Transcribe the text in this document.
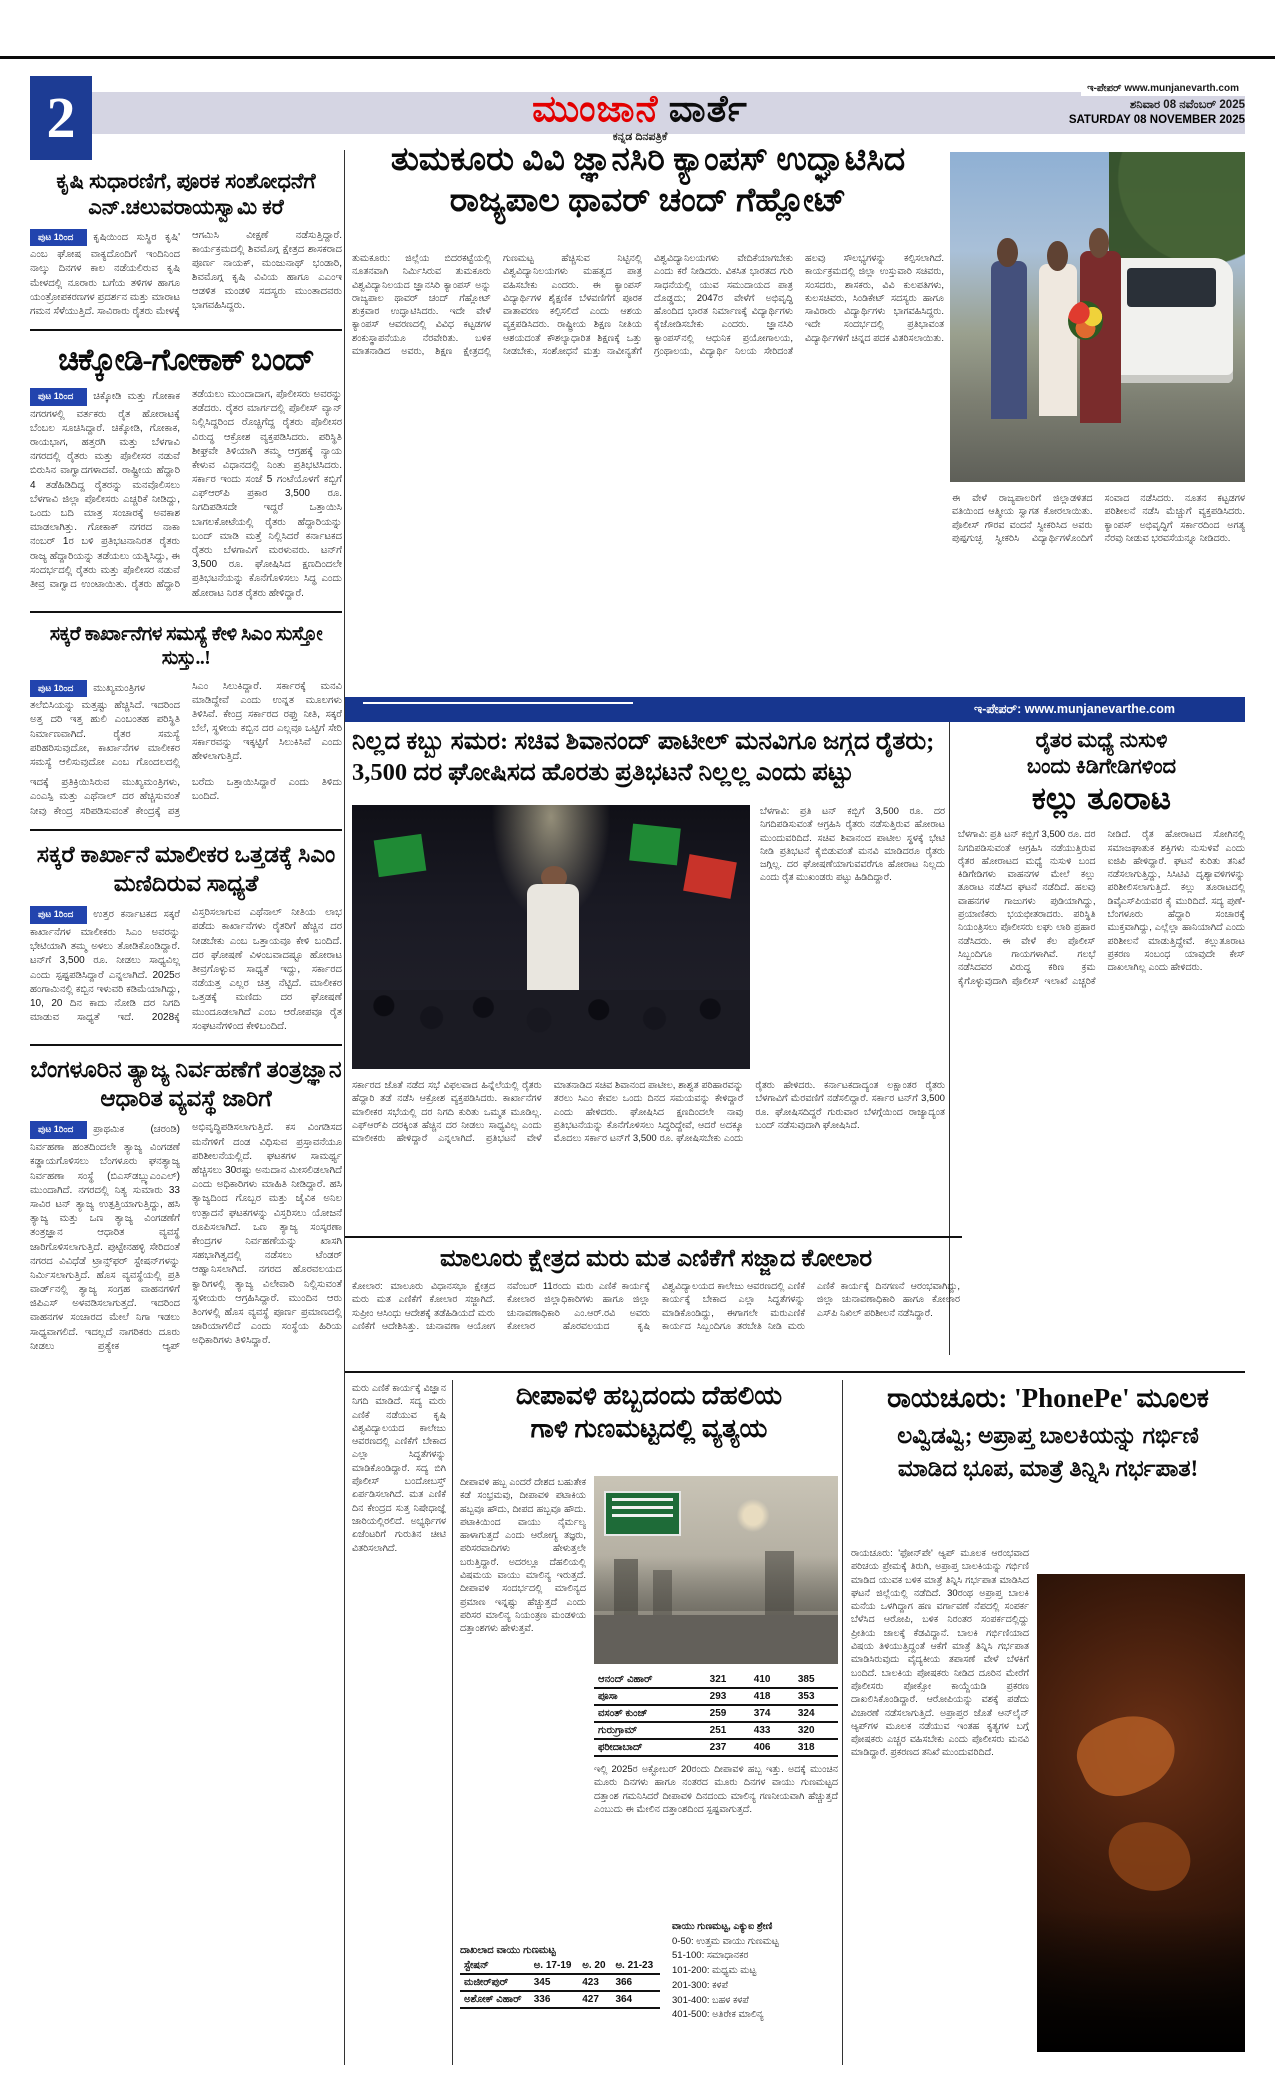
2	ಮುಂಜಾನೆ ವಾರ್ತೆ
ಕನ್ನಡ ದಿನಪತ್ರಿಕೆ
ಇ-ಪೇಪರ್ www.munjanevarth.com
ಶನಿವಾರ 08 ನವೆಂಬರ್ 2025
SATURDAY 08 NOVEMBER 2025
ಕೃಷಿ ಸುಧಾರಣಿಗೆ, ಪೂರಕ ಸಂಶೋಧನೆಗೆ ಎನ್.ಚಲುವರಾಯಸ್ವಾಮಿ ಕರೆ
ಪುಟ 1ರಿಂದ ಕೃಷಿಯಿಂದ ಸುಸ್ಥಿರ ಕೃಷಿ' ಎಂಬ ಘೋಷ ವಾಕ್ಯದೊಂದಿಗೆ ಇಂದಿನಿಂದ ನಾಲ್ಕು ದಿನಗಳ ಕಾಲ ನಡೆಯಲಿರುವ ಕೃಷಿ ಮೇಳದಲ್ಲಿ ನೂರಾರು ಬಗೆಯ ತಳಿಗಳ ಹಾಗೂ ಯಂತ್ರೋಪಕರಣಗಳ ಪ್ರದರ್ಶನ ಮತ್ತು ಮಾರಾಟ ಗಮನ ಸೆಳೆಯುತ್ತಿದೆ. ಸಾವಿರಾರು ರೈತರು ಮೇಳಕ್ಕೆ ಆಗಮಿಸಿ ವೀಕ್ಷಣೆ ನಡೆಸುತ್ತಿದ್ದಾರೆ. ಕಾರ್ಯಕ್ರಮದಲ್ಲಿ ಶಿವಮೊಗ್ಗ ಕ್ಷೇತ್ರದ ಶಾಸಕರಾದ ಪೂರ್ಣ ನಾಯಕ್, ಮಂಜುನಾಥ್ ಭಂಡಾರಿ, ಶಿವಮೊಗ್ಗ ಕೃಷಿ ವಿವಿಯ ಹಾಗೂ ಎಎಂಇ ಆಡಳಿತ ಮಂಡಳಿ ಸದಸ್ಯರು ಮುಂತಾದವರು ಭಾಗವಹಿಸಿದ್ದರು.
ಚಿಕ್ಕೋಡಿ-ಗೋಕಾಕ್ ಬಂದ್
ಪುಟ 1ರಿಂದ ಚಿಕ್ಕೋಡಿ ಮತ್ತು ಗೋಕಾಕ ನಗರಗಳಲ್ಲಿ ವರ್ತಕರು ರೈತ ಹೋರಾಟಕ್ಕೆ ಬೆಂಬಲ ಸೂಚಿಸಿದ್ದಾರೆ. ಚಿಕ್ಕೋಡಿ, ಗೋಕಾಕ, ರಾಯಭಾಗ, ಹತ್ತರಗಿ ಮತ್ತು ಬೆಳಗಾವಿ ನಗರದಲ್ಲಿ ರೈತರು ಮತ್ತು ಪೊಲೀಸರ ನಡುವೆ ಬಿರುಸಿನ ವಾಗ್ವಾದಗಳಾದವೆ. ರಾಷ್ಟ್ರೀಯ ಹೆದ್ದಾರಿ 4 ತಡೆಹಿಡಿದಿದ್ದ ರೈತರನ್ನು ಮನವೊಲಿಸಲು ಬೆಳಗಾವಿ ಜಿಲ್ಲಾ ಪೊಲೀಸರು ಎಚ್ಚರಿಕೆ ನೀಡಿದ್ದು, ಒಂದು ಬದಿ ಮಾತ್ರ ಸಂಚಾರಕ್ಕೆ ಅವಕಾಶ ಮಾಡಲಾಗಿತ್ತು. ಗೋಕಾಕ್ ನಗರದ ನಾಕಾ ನಂಬರ್ 1ರ ಬಳಿ ಪ್ರತಿಭಟನಾನಿರತ ರೈತರು ರಾಜ್ಯ ಹೆದ್ದಾರಿಯನ್ನು ತಡೆಯಲು ಯತ್ನಿಸಿದ್ದು, ಈ ಸಂದರ್ಭದಲ್ಲಿ ರೈತರು ಮತ್ತು ಪೊಲೀಸರ ನಡುವೆ ತೀವ್ರ ವಾಗ್ವಾದ ಉಂಟಾಯಿತು. ರೈತರು ಹೆದ್ದಾರಿ ತಡೆಯಲು ಮುಂದಾದಾಗ, ಪೊಲೀಸರು ಅವರನ್ನು ತಡೆದರು. ರೈತರ ಮಾರ್ಗದಲ್ಲಿ ಪೊಲೀಸ್ ವ್ಯಾನ್ ನಿಲ್ಲಿಸಿದ್ದರಿಂದ ರೊಚ್ಚಿಗೆದ್ದ ರೈತರು ಪೊಲೀಸರ ವಿರುದ್ಧ ಆಕ್ರೋಶ ವ್ಯಕ್ತಪಡಿಸಿದರು. ಪರಿಸ್ಥಿತಿ ಶೀಘ್ರವೇ ತಿಳಿಯಾಗಿ ತಮ್ಮ ಆಗ್ರಹಕ್ಕೆ ನ್ಯಾಯ ಕೇಳುವ ವಿಧಾನದಲ್ಲಿ ನಿಂತು ಪ್ರತಿಭಟಿಸಿದರು. ಸರ್ಕಾರ ಇಂದು ಸಂಜೆ 5 ಗಂಟೆಯೊಳಗೆ ಕಬ್ಬಿಗೆ ಎಫ್‌ಆರ್‌ಪಿ ಪ್ರಕಾರ 3,500 ರೂ. ನಿಗದಿಪಡಿಸದೇ ಇದ್ದರೆ ಒತ್ತಾಯಿಸಿ ಬಾಗಲಕೋಟೆಯಲ್ಲಿ ರೈತರು ಹೆದ್ದಾರಿಯನ್ನು ಬಂದ್ ಮಾಡಿ ಮತ್ತೆ ನಿಲ್ಲಿಸಿದರೆ ಕರ್ನಾಟಕದ ರೈತರು ಬೆಳಗಾವಿಗೆ ಮರಳುವರು. ಟನ್‌ಗೆ 3,500 ರೂ. ಘೋಷಿಸಿದ ಕ್ಷಣದಿಂದಲೇ ಪ್ರತಿಭಟನೆಯನ್ನು ಕೊನೆಗೊಳಿಸಲು ಸಿದ್ಧ ಎಂದು ಹೋರಾಟ ನಿರತ ರೈತರು ಹೇಳಿದ್ದಾರೆ.
ಸಕ್ಕರೆ ಕಾರ್ಖಾನೆಗಳ ಸಮಸ್ಯೆ ಕೇಳಿ ಸಿಎಂ ಸುಸ್ತೋ ಸುಸ್ತು..!
ಪುಟ 1ರಿಂದ ಮುಖ್ಯಮಂತ್ರಿಗಳ ತಲೆಬಿಸಿಯನ್ನು ಮತ್ತಷ್ಟು ಹೆಚ್ಚಿಸಿದೆ. ಇದರಿಂದ ಅತ್ತ ದರಿ ಇತ್ತ ಹುಲಿ ಎಂಬಂತಹ ಪರಿಸ್ಥಿತಿ ನಿರ್ಮಾಣವಾಗಿದೆ. ರೈತರ ಸಮಸ್ಯೆ ಪರಿಹರಿಸುವುದೋ, ಕಾರ್ಖಾನೆಗಳ ಮಾಲೀಕರ ಸಮಸ್ಯೆ ಆಲಿಸುವುದೋ ಎಂಬ ಗೊಂದಲದಲ್ಲಿ ಸಿಎಂ ಸಿಲುಕಿದ್ದಾರೆ. ಸರ್ಕಾರಕ್ಕೆ ಮನವಿ ಮಾಡಿದ್ದೇವೆ ಎಂದು ಉನ್ನತ ಮೂಲಗಳು ತಿಳಿಸಿವೆ. ಕೇಂದ್ರ ಸರ್ಕಾರದ ರಫ್ತು ನೀತಿ, ಸಕ್ಕರೆ ಬೆಲೆ, ಸ್ಥಳೀಯ ಕಬ್ಬಿನ ದರ ಎಲ್ಲವೂ ಒಟ್ಟಿಗೆ ಸೇರಿ ಸರ್ಕಾರವನ್ನು ಇಕ್ಕಟ್ಟಿಗೆ ಸಿಲುಕಿಸಿವೆ ಎಂದು ಹೇಳಲಾಗುತ್ತಿದೆ.
ಇದಕ್ಕೆ ಪ್ರತಿಕ್ರಿಯಿಸಿರುವ ಮುಖ್ಯಮಂತ್ರಿಗಳು, ಎಂಎಸ್ಪಿ ಮತ್ತು ಎಥೆನಾಲ್ ದರ ಹೆಚ್ಚಿಸುವಂತೆ ನೀವು ಕೇಂದ್ರ ಸರಿಪಡಿಸುವಂತೆ ಕೇಂದ್ರಕ್ಕೆ ಪತ್ರ ಬರೆದು ಒತ್ತಾಯಿಸಿದ್ದಾರೆ ಎಂದು ತಿಳಿದು ಬಂದಿದೆ.
ಸಕ್ಕರೆ ಕಾರ್ಖಾನೆ ಮಾಲೀಕರ ಒತ್ತಡಕ್ಕೆ ಸಿಎಂ ಮಣಿದಿರುವ ಸಾಧ್ಯತೆ
ಪುಟ 1ರಿಂದ ಉತ್ತರ ಕರ್ನಾಟಕದ ಸಕ್ಕರೆ ಕಾರ್ಖಾನೆಗಳ ಮಾಲೀಕರು ಸಿಎಂ ಅವರನ್ನು ಭೇಟಿಯಾಗಿ ತಮ್ಮ ಅಳಲು ತೋಡಿಕೊಂಡಿದ್ದಾರೆ. ಟನ್‌ಗೆ 3,500 ರೂ. ನೀಡಲು ಸಾಧ್ಯವಿಲ್ಲ ಎಂದು ಸ್ಪಷ್ಟಪಡಿಸಿದ್ದಾರೆ ಎನ್ನಲಾಗಿದೆ. 2025ರ ಹಂಗಾಮಿನಲ್ಲಿ ಕಬ್ಬಿನ ಇಳುವರಿ ಕಡಿಮೆಯಾಗಿದ್ದು, 10, 20 ದಿನ ಕಾದು ನೋಡಿ ದರ ನಿಗದಿ ಮಾಡುವ ಸಾಧ್ಯತೆ ಇದೆ. 2028ಕ್ಕೆ ವಿಸ್ತರಿಸಲಾಗುವ ಎಥೆನಾಲ್ ನೀತಿಯ ಲಾಭ ಪಡೆದು ಕಾರ್ಖಾನೆಗಳು ರೈತರಿಗೆ ಹೆಚ್ಚಿನ ದರ ನೀಡಬೇಕು ಎಂಬ ಒತ್ತಾಯವೂ ಕೇಳಿ ಬಂದಿದೆ. ದರ ಘೋಷಣೆ ವಿಳಂಬವಾದಷ್ಟೂ ಹೋರಾಟ ತೀವ್ರಗೊಳ್ಳುವ ಸಾಧ್ಯತೆ ಇದ್ದು, ಸರ್ಕಾರದ ನಡೆಯತ್ತ ಎಲ್ಲರ ಚಿತ್ತ ನೆಟ್ಟಿದೆ. ಮಾಲೀಕರ ಒತ್ತಡಕ್ಕೆ ಮಣಿದು ದರ ಘೋಷಣೆ ಮುಂದೂಡಲಾಗಿದೆ ಎಂಬ ಆರೋಪವೂ ರೈತ ಸಂಘಟನೆಗಳಿಂದ ಕೇಳಿಬಂದಿದೆ.
ಬೆಂಗಳೂರಿನ ತ್ಯಾಜ್ಯ ನಿರ್ವಹಣೆಗೆ ತಂತ್ರಜ್ಞಾನ ಆಧಾರಿತ ವ್ಯವಸ್ಥೆ ಜಾರಿಗೆ
ಪುಟ 1ರಿಂದ ಪ್ರಾಥಮಿಕ (ಚರಂಡಿ) ನಿರ್ವಹಣಾ ಹಂತದಿಂದಲೇ ತ್ಯಾಜ್ಯ ವಿಂಗಡಣೆ ಕಡ್ಡಾಯಗೊಳಿಸಲು ಬೆಂಗಳೂರು ಘನತ್ಯಾಜ್ಯ ನಿರ್ವಹಣಾ ಸಂಸ್ಥೆ (ಬಿಎಸ್‌ಡಬ್ಲ್ಯುಎಂಎಲ್) ಮುಂದಾಗಿದೆ. ನಗರದಲ್ಲಿ ನಿತ್ಯ ಸುಮಾರು 33 ಸಾವಿರ ಟನ್ ತ್ಯಾಜ್ಯ ಉತ್ಪತ್ತಿಯಾಗುತ್ತಿದ್ದು, ಹಸಿ ತ್ಯಾಜ್ಯ ಮತ್ತು ಒಣ ತ್ಯಾಜ್ಯ ವಿಂಗಡಣೆಗೆ ತಂತ್ರಜ್ಞಾನ ಆಧಾರಿತ ವ್ಯವಸ್ಥೆ ಜಾರಿಗೊಳಿಸಲಾಗುತ್ತಿದೆ. ಪುಟ್ಟೇನಹಳ್ಳಿ ಸೇರಿದಂತೆ ನಗರದ ವಿವಿಧೆಡೆ ಟ್ರಾನ್ಸ್‌ಫರ್ ಸ್ಟೇಷನ್‌ಗಳನ್ನು ನಿರ್ಮಿಸಲಾಗುತ್ತಿದೆ. ಹೊಸ ವ್ಯವಸ್ಥೆಯಲ್ಲಿ ಪ್ರತಿ ವಾರ್ಡ್‌ನಲ್ಲಿ ತ್ಯಾಜ್ಯ ಸಂಗ್ರಹ ವಾಹನಗಳಿಗೆ ಜಿಪಿಎಸ್ ಅಳವಡಿಸಲಾಗುತ್ತದೆ. ಇದರಿಂದ ವಾಹನಗಳ ಸಂಚಾರದ ಮೇಲೆ ನಿಗಾ ಇಡಲು ಸಾಧ್ಯವಾಗಲಿದೆ. ಇದಲ್ಲದೆ ನಾಗರಿಕರು ದೂರು ನೀಡಲು ಪ್ರತ್ಯೇಕ ಆ್ಯಪ್ ಅಭಿವೃದ್ಧಿಪಡಿಸಲಾಗುತ್ತಿದೆ. ಕಸ ವಿಂಗಡಿಸದ ಮನೆಗಳಿಗೆ ದಂಡ ವಿಧಿಸುವ ಪ್ರಸ್ತಾವನೆಯೂ ಪರಿಶೀಲನೆಯಲ್ಲಿದೆ. ಘಟಕಗಳ ಸಾಮರ್ಥ್ಯ ಹೆಚ್ಚಿಸಲು 30ರಷ್ಟು ಅನುದಾನ ಮೀಸಲಿಡಲಾಗಿದೆ ಎಂದು ಅಧಿಕಾರಿಗಳು ಮಾಹಿತಿ ನೀಡಿದ್ದಾರೆ. ಹಸಿ ತ್ಯಾಜ್ಯದಿಂದ ಗೊಬ್ಬರ ಮತ್ತು ಜೈವಿಕ ಅನಿಲ ಉತ್ಪಾದನೆ ಘಟಕಗಳನ್ನು ವಿಸ್ತರಿಸಲು ಯೋಜನೆ ರೂಪಿಸಲಾಗಿದೆ. ಒಣ ತ್ಯಾಜ್ಯ ಸಂಸ್ಕರಣಾ ಕೇಂದ್ರಗಳ ನಿರ್ವಹಣೆಯನ್ನು ಖಾಸಗಿ ಸಹಭಾಗಿತ್ವದಲ್ಲಿ ನಡೆಸಲು ಟೆಂಡರ್ ಆಹ್ವಾನಿಸಲಾಗಿದೆ. ನಗರದ ಹೊರವಲಯದ ಕ್ವಾರಿಗಳಲ್ಲಿ ತ್ಯಾಜ್ಯ ವಿಲೇವಾರಿ ನಿಲ್ಲಿಸುವಂತೆ ಸ್ಥಳೀಯರು ಆಗ್ರಹಿಸಿದ್ದಾರೆ. ಮುಂದಿನ ಆರು ತಿಂಗಳಲ್ಲಿ ಹೊಸ ವ್ಯವಸ್ಥೆ ಪೂರ್ಣ ಪ್ರಮಾಣದಲ್ಲಿ ಜಾರಿಯಾಗಲಿದೆ ಎಂದು ಸಂಸ್ಥೆಯ ಹಿರಿಯ ಅಧಿಕಾರಿಗಳು ತಿಳಿಸಿದ್ದಾರೆ.
ತುಮಕೂರು ವಿವಿ ಜ್ಞಾನಸಿರಿ ಕ್ಯಾಂಪಸ್ ಉದ್ಘಾಟಿಸಿದ
ರಾಜ್ಯಪಾಲ ಥಾವರ್ ಚಂದ್ ಗೆಹ್ಲೋಟ್
ತುಮಕೂರು: ಜಿಲ್ಲೆಯ ಬಿದರಕಟ್ಟೆಯಲ್ಲಿ ನೂತನವಾಗಿ ನಿರ್ಮಿಸಿರುವ ತುಮಕೂರು ವಿಶ್ವವಿದ್ಯಾನಿಲಯದ ಜ್ಞಾನಸಿರಿ ಕ್ಯಾಂಪಸ್ ಅನ್ನು ರಾಜ್ಯಪಾಲ ಥಾವರ್ ಚಂದ್ ಗೆಹ್ಲೋಟ್ ಶುಕ್ರವಾರ ಉದ್ಘಾಟಿಸಿದರು. ಇದೇ ವೇಳೆ ಕ್ಯಾಂಪಸ್ ಆವರಣದಲ್ಲಿ ವಿವಿಧ ಕಟ್ಟಡಗಳ ಶಂಕುಸ್ಥಾಪನೆಯೂ ನೆರವೇರಿತು. ಬಳಿಕ ಮಾತನಾಡಿದ ಅವರು, ಶಿಕ್ಷಣ ಕ್ಷೇತ್ರದಲ್ಲಿ ಗುಣಮಟ್ಟ ಹೆಚ್ಚಿಸುವ ನಿಟ್ಟಿನಲ್ಲಿ ವಿಶ್ವವಿದ್ಯಾನಿಲಯಗಳು ಮಹತ್ವದ ಪಾತ್ರ ವಹಿಸಬೇಕು ಎಂದರು. ಈ ಕ್ಯಾಂಪಸ್ ವಿದ್ಯಾರ್ಥಿಗಳ ಶೈಕ್ಷಣಿಕ ಬೆಳವಣಿಗೆಗೆ ಪೂರಕ ವಾತಾವರಣ ಕಲ್ಪಿಸಲಿದೆ ಎಂದು ಆಶಯ ವ್ಯಕ್ತಪಡಿಸಿದರು. ರಾಷ್ಟ್ರೀಯ ಶಿಕ್ಷಣ ನೀತಿಯ ಆಶಯದಂತೆ ಕೌಶಲ್ಯಾಧಾರಿತ ಶಿಕ್ಷಣಕ್ಕೆ ಒತ್ತು ನೀಡಬೇಕು, ಸಂಶೋಧನೆ ಮತ್ತು ನಾವೀನ್ಯತೆಗೆ ವಿಶ್ವವಿದ್ಯಾನಿಲಯಗಳು ವೇದಿಕೆಯಾಗಬೇಕು ಎಂದು ಕರೆ ನೀಡಿದರು. ವಿಕಸಿತ ಭಾರತದ ಗುರಿ ಸಾಧನೆಯಲ್ಲಿ ಯುವ ಸಮುದಾಯದ ಪಾತ್ರ ದೊಡ್ಡದು; 2047ರ ವೇಳೆಗೆ ಅಭಿವೃದ್ಧಿ ಹೊಂದಿದ ಭಾರತ ನಿರ್ಮಾಣಕ್ಕೆ ವಿದ್ಯಾರ್ಥಿಗಳು ಕೈಜೋಡಿಸಬೇಕು ಎಂದರು. ಜ್ಞಾನಸಿರಿ ಕ್ಯಾಂಪಸ್‌ನಲ್ಲಿ ಆಧುನಿಕ ಪ್ರಯೋಗಾಲಯ, ಗ್ರಂಥಾಲಯ, ವಿದ್ಯಾರ್ಥಿ ನಿಲಯ ಸೇರಿದಂತೆ ಹಲವು ಸೌಲಭ್ಯಗಳನ್ನು ಕಲ್ಪಿಸಲಾಗಿದೆ. ಕಾರ್ಯಕ್ರಮದಲ್ಲಿ ಜಿಲ್ಲಾ ಉಸ್ತುವಾರಿ ಸಚಿವರು, ಸಂಸದರು, ಶಾಸಕರು, ವಿವಿ ಕುಲಪತಿಗಳು, ಕುಲಸಚಿವರು, ಸಿಂಡಿಕೇಟ್ ಸದಸ್ಯರು ಹಾಗೂ ಸಾವಿರಾರು ವಿದ್ಯಾರ್ಥಿಗಳು ಭಾಗವಹಿಸಿದ್ದರು. ಇದೇ ಸಂದರ್ಭದಲ್ಲಿ ಪ್ರತಿಭಾವಂತ ವಿದ್ಯಾರ್ಥಿಗಳಿಗೆ ಚಿನ್ನದ ಪದಕ ವಿತರಿಸಲಾಯಿತು.
ಈ ವೇಳೆ ರಾಜ್ಯಪಾಲರಿಗೆ ಜಿಲ್ಲಾಡಳಿತದ ವತಿಯಿಂದ ಆತ್ಮೀಯ ಸ್ವಾಗತ ಕೋರಲಾಯಿತು. ಪೊಲೀಸ್ ಗೌರವ ವಂದನೆ ಸ್ವೀಕರಿಸಿದ ಅವರು ಪುಷ್ಪಗುಚ್ಛ ಸ್ವೀಕರಿಸಿ ವಿದ್ಯಾರ್ಥಿಗಳೊಂದಿಗೆ ಸಂವಾದ ನಡೆಸಿದರು. ನೂತನ ಕಟ್ಟಡಗಳ ಪರಿಶೀಲನೆ ನಡೆಸಿ ಮೆಚ್ಚುಗೆ ವ್ಯಕ್ತಪಡಿಸಿದರು. ಕ್ಯಾಂಪಸ್ ಅಭಿವೃದ್ಧಿಗೆ ಸರ್ಕಾರದಿಂದ ಅಗತ್ಯ ನೆರವು ನೀಡುವ ಭರವಸೆಯನ್ನೂ ನೀಡಿದರು.
ಇ-ಪೇಪರ್: www.munjanevarthe.com
ನಿಲ್ಲದ ಕಬ್ಬು ಸಮರ: ಸಚಿವ ಶಿವಾನಂದ್ ಪಾಟೀಲ್ ಮನವಿಗೂ ಜಗ್ಗದ ರೈತರು;
3,500 ದರ ಘೋಷಿಸದ ಹೊರತು ಪ್ರತಿಭಟನೆ ನಿಲ್ಲಲ್ಲ ಎಂದು ಪಟ್ಟು
ಬೆಳಗಾವಿ: ಪ್ರತಿ ಟನ್ ಕಬ್ಬಿಗೆ 3,500 ರೂ. ದರ ನಿಗದಿಪಡಿಸುವಂತೆ ಆಗ್ರಹಿಸಿ ರೈತರು ನಡೆಸುತ್ತಿರುವ ಹೋರಾಟ ಮುಂದುವರಿದಿದೆ. ಸಚಿವ ಶಿವಾನಂದ ಪಾಟೀಲ ಸ್ಥಳಕ್ಕೆ ಭೇಟಿ ನೀಡಿ ಪ್ರತಿಭಟನೆ ಕೈಬಿಡುವಂತೆ ಮನವಿ ಮಾಡಿದರೂ ರೈತರು ಜಗ್ಗಿಲ್ಲ. ದರ ಘೋಷಣೆಯಾಗುವವರೆಗೂ ಹೋರಾಟ ನಿಲ್ಲದು ಎಂದು ರೈತ ಮುಖಂಡರು ಪಟ್ಟು ಹಿಡಿದಿದ್ದಾರೆ.
ಸರ್ಕಾರದ ಜೊತೆ ನಡೆದ ಸಭೆ ವಿಫಲವಾದ ಹಿನ್ನೆಲೆಯಲ್ಲಿ ರೈತರು ಹೆದ್ದಾರಿ ತಡೆ ನಡೆಸಿ ಆಕ್ರೋಶ ವ್ಯಕ್ತಪಡಿಸಿದರು. ಕಾರ್ಖಾನೆಗಳ ಮಾಲೀಕರ ಸಭೆಯಲ್ಲಿ ದರ ನಿಗದಿ ಕುರಿತು ಒಮ್ಮತ ಮೂಡಿಲ್ಲ. ಎಫ್‌ಆರ್‌ಪಿ ದರಕ್ಕಿಂತ ಹೆಚ್ಚಿನ ದರ ನೀಡಲು ಸಾಧ್ಯವಿಲ್ಲ ಎಂದು ಮಾಲೀಕರು ಹೇಳಿದ್ದಾರೆ ಎನ್ನಲಾಗಿದೆ. ಪ್ರತಿಭಟನೆ ವೇಳೆ ಮಾತನಾಡಿದ ಸಚಿವ ಶಿವಾನಂದ ಪಾಟೀಲ, ಶಾಶ್ವತ ಪರಿಹಾರವನ್ನು ತರಲು ಸಿಎಂ ಕೇವಲ ಒಂದು ದಿನದ ಸಮಯವನ್ನು ಕೇಳಿದ್ದಾರೆ ಎಂದು ಹೇಳಿದರು. ಘೋಷಿಸಿದ ಕ್ಷಣದಿಂದಲೇ ನಾವು ಪ್ರತಿಭಟನೆಯನ್ನು ಕೊನೆಗೊಳಿಸಲು ಸಿದ್ಧರಿದ್ದೇವೆ, ಆದರೆ ಅದಕ್ಕೂ ಮೊದಲು ಸರ್ಕಾರ ಟನ್‌ಗೆ 3,500 ರೂ. ಘೋಷಿಸಬೇಕು ಎಂದು ರೈತರು ಹೇಳಿದರು. ಕರ್ನಾಟಕದಾದ್ಯಂತ ಲಕ್ಷಾಂತರ ರೈತರು ಬೆಳಗಾವಿಗೆ ಮೆರವಣಿಗೆ ನಡೆಸಲಿದ್ದಾರೆ. ಸರ್ಕಾರ ಟನ್‌ಗೆ 3,500 ರೂ. ಘೋಷಿಸದಿದ್ದರೆ ಗುರುವಾರ ಬೆಳಗ್ಗೆಯಿಂದ ರಾಜ್ಯಾದ್ಯಂತ ಬಂದ್ ನಡೆಸುವುದಾಗಿ ಘೋಷಿಸಿದೆ.
ರೈತರ ಮಧ್ಯೆ ನುಸುಳಿ
ಬಂದು ಕಿಡಿಗೇಡಿಗಳಿಂದ
ಕಲ್ಲು ತೂರಾಟ
ಬೆಳಗಾವಿ: ಪ್ರತಿ ಟನ್ ಕಬ್ಬಿಗೆ 3,500 ರೂ. ದರ ನಿಗದಿಪಡಿಸುವಂತೆ ಆಗ್ರಹಿಸಿ ನಡೆಯುತ್ತಿರುವ ರೈತರ ಹೋರಾಟದ ಮಧ್ಯೆ ನುಸುಳಿ ಬಂದ ಕಿಡಿಗೇಡಿಗಳು ವಾಹನಗಳ ಮೇಲೆ ಕಲ್ಲು ತೂರಾಟ ನಡೆಸಿದ ಘಟನೆ ನಡೆದಿದೆ. ಹಲವು ವಾಹನಗಳ ಗಾಜುಗಳು ಪುಡಿಯಾಗಿದ್ದು, ಪ್ರಯಾಣಿಕರು ಭಯಭೀತರಾದರು. ಪರಿಸ್ಥಿತಿ ನಿಯಂತ್ರಿಸಲು ಪೊಲೀಸರು ಲಘು ಲಾಠಿ ಪ್ರಹಾರ ನಡೆಸಿದರು. ಈ ವೇಳೆ ಕೆಲ ಪೊಲೀಸ್ ಸಿಬ್ಬಂದಿಗೂ ಗಾಯಗಳಾಗಿವೆ. ಗಲಭೆ ನಡೆಸಿದವರ ವಿರುದ್ಧ ಕಠಿಣ ಕ್ರಮ ಕೈಗೊಳ್ಳುವುದಾಗಿ ಪೊಲೀಸ್ ಇಲಾಖೆ ಎಚ್ಚರಿಕೆ ನೀಡಿದೆ. ರೈತ ಹೋರಾಟದ ಸೋಗಿನಲ್ಲಿ ಸಮಾಜಘಾತುಕ ಶಕ್ತಿಗಳು ನುಸುಳಿವೆ ಎಂದು ಐಜಿಪಿ ಹೇಳಿದ್ದಾರೆ. ಘಟನೆ ಕುರಿತು ತನಿಖೆ ನಡೆಸಲಾಗುತ್ತಿದ್ದು, ಸಿಸಿಟಿವಿ ದೃಶ್ಯಾವಳಿಗಳನ್ನು ಪರಿಶೀಲಿಸಲಾಗುತ್ತಿದೆ. ಕಲ್ಲು ತೂರಾಟದಲ್ಲಿ ಡಿವೈಎಸ್‌ಪಿಯವರ ಕೈ ಮುರಿದಿದೆ. ಸದ್ಯ ಪುಣೆ-ಬೆಂಗಳೂರು ಹೆದ್ದಾರಿ ಸಂಚಾರಕ್ಕೆ ಮುಕ್ತವಾಗಿದ್ದು, ಎಲ್ಲೆಲ್ಲಾ ಹಾನಿಯಾಗಿದೆ ಎಂದು ಪರಿಶೀಲನೆ ಮಾಡುತ್ತಿದ್ದೇವೆ. ಕಲ್ಲುತೂರಾಟ ಪ್ರಕರಣ ಸಂಬಂಧ ಯಾವುದೇ ಕೇಸ್ ದಾಖಲಾಗಿಲ್ಲ ಎಂದು ಹೇಳಿದರು.
ಮಾಲೂರು ಕ್ಷೇತ್ರದ ಮರು ಮತ ಎಣಿಕೆಗೆ ಸಜ್ಜಾದ ಕೋಲಾರ
ಕೋಲಾರ: ಮಾಲೂರು ವಿಧಾನಸಭಾ ಕ್ಷೇತ್ರದ ಮರು ಮತ ಎಣಿಕೆಗೆ ಕೋಲಾರ ಸಜ್ಜಾಗಿದೆ. ಸುಪ್ರೀಂ ಆಸಿಂಧು ಆದೇಶಕ್ಕೆ ತಡೆಹಿಡಿಯದೆ ಮರು ಎಣಿಕೆಗೆ ಆದೇಶಿಸಿತ್ತು. ಚುನಾವಣಾ ಆಯೋಗ ನವೆಂಬರ್ 11ರಂದು ಮರು ಎಣಿಕೆ ಕಾರ್ಯಕ್ಕೆ ಕೋಲಾರ ಜಿಲ್ಲಾಧಿಕಾರಿಗಳು ಹಾಗೂ ಜಿಲ್ಲಾ ಚುನಾವಣಾಧಿಕಾರಿ ಎಂ.ಆರ್.ರವಿ ಅವರು ಕೋಲಾರ ಹೊರವಲಯದ ಕೃಷಿ ವಿಶ್ವವಿದ್ಯಾಲಯದ ಕಾಲೇಜು ಆವರಣದಲ್ಲಿ ಎಣಿಕೆ ಕಾರ್ಯಕ್ಕೆ ಬೇಕಾದ ಎಲ್ಲಾ ಸಿದ್ಧತೆಗಳನ್ನು ಮಾಡಿಕೊಂಡಿದ್ದು, ಈಗಾಗಲೇ ಮರುಎಣಿಕೆ ಕಾರ್ಯದ ಸಿಬ್ಬಂದಿಗೂ ತರಬೇತಿ ನೀಡಿ ಮರು ಎಣಿಕೆ ಕಾರ್ಯಕ್ಕೆ ದಿನಗಣನೆ ಆರಂಭವಾಗಿದ್ದು, ಜಿಲ್ಲಾ ಚುನಾವಣಾಧಿಕಾರಿ ಹಾಗೂ ಕೋಲಾರ ಎಸ್‌ಪಿ ನಿಖಿಲ್ ಪರಿಶೀಲನೆ ನಡೆಸಿದ್ದಾರೆ.
ಮರು ಎಣಿಕೆ ಕಾರ್ಯಕ್ಕೆ ವಿಜ್ಞಾನ ನಿಗದಿ ಮಾಡಿದೆ. ಸದ್ಯ ಮರು ಎಣಿಕೆ ನಡೆಯುವ ಕೃಷಿ ವಿಶ್ವವಿದ್ಯಾಲಯದ ಕಾಲೇಜು ಆವರಣದಲ್ಲಿ ಎಣಿಕೆಗೆ ಬೇಕಾದ ಎಲ್ಲಾ ಸಿದ್ಧತೆಗಳನ್ನು ಮಾಡಿಕೊಂಡಿದ್ದಾರೆ. ಸದ್ಯ ಬಿಗಿ ಪೊಲೀಸ್ ಬಂದೋಬಸ್ತ್ ಏರ್ಪಡಿಸಲಾಗಿದೆ. ಮತ ಎಣಿಕೆ ದಿನ ಕೇಂದ್ರದ ಸುತ್ತ ನಿಷೇಧಾಜ್ಞೆ ಜಾರಿಯಲ್ಲಿರಲಿದೆ. ಅಭ್ಯರ್ಥಿಗಳ ಏಜೆಂಟರಿಗೆ ಗುರುತಿನ ಚೀಟಿ ವಿತರಿಸಲಾಗಿದೆ.
ದೀಪಾವಳಿ ಹಬ್ಬದಂದು ದೆಹಲಿಯ
ಗಾಳಿ ಗುಣಮಟ್ಟದಲ್ಲಿ ವ್ಯತ್ಯಯ
ದೀಪಾವಳಿ ಹಬ್ಬ ಎಂದರೆ ದೇಶದ ಬಹುತೇಕ ಕಡೆ ಸಂಭ್ರಮವು, ದೀಪಾವಳಿ ಪಟಾಕಿಯ ಹಬ್ಬವೂ ಹೌದು, ದೀಪದ ಹಬ್ಬವೂ ಹೌದು. ಪಟಾಕಿಯಿಂದ ವಾಯು ನೈರ್ಮಲ್ಯ ಹಾಳಾಗುತ್ತದೆ ಎಂದು ಆರೋಗ್ಯ ತಜ್ಞರು, ಪರಿಸರವಾದಿಗಳು ಹೇಳುತ್ತಲೇ ಬರುತ್ತಿದ್ದಾರೆ. ಅದರಲ್ಲೂ ದೆಹಲಿಯಲ್ಲಿ ವಿಷಮಯ ವಾಯು ಮಾಲಿನ್ಯ ಇರುತ್ತದೆ. ದೀಪಾವಳಿ ಸಂದರ್ಭದಲ್ಲಿ ಮಾಲಿನ್ಯದ ಪ್ರಮಾಣ ಇನ್ನಷ್ಟು ಹೆಚ್ಚುತ್ತದೆ ಎಂದು ಪರಿಸರ ಮಾಲಿನ್ಯ ನಿಯಂತ್ರಣ ಮಂಡಳಿಯ ದತ್ತಾಂಶಗಳು ಹೇಳುತ್ತವೆ.
ಆನಂದ್ ವಿಹಾರ್	321	410	385
ಪೂಸಾ	293	418	353
ವಸಂತ್ ಕುಂಜ್	259	374	324
ಗುರುಗ್ರಾಮ್	251	433	320
ಫರೀದಾಬಾದ್	237	406	318
ಇಲ್ಲಿ 2025ರ ಅಕ್ಟೋಬರ್ 20ರಂದು ದೀಪಾವಳಿ ಹಬ್ಬ ಇತ್ತು. ಅದಕ್ಕೆ ಮುಂಚಿನ ಮೂರು ದಿನಗಳು ಹಾಗೂ ನಂತರದ ಮೂರು ದಿನಗಳ ವಾಯು ಗುಣಮಟ್ಟದ ದತ್ತಾಂಶ ಗಮನಿಸಿದರೆ ದೀಪಾವಳಿ ದಿನದಂದು ಮಾಲಿನ್ಯ ಗಣನೀಯವಾಗಿ ಹೆಚ್ಚುತ್ತದೆ ಎಂಬುದು ಈ ಮೇಲಿನ ದತ್ತಾಂಶದಿಂದ ಸ್ಪಷ್ಟವಾಗುತ್ತದೆ.
ದಾಖಲಾದ ವಾಯು ಗುಣಮಟ್ಟ
ಸ್ಟೇಷನ್	ಅ. 17-19	ಅ. 20	ಅ. 21-23
ಮಜೀರ್‌ಪುರ್	345	423	366
ಅಶೋಕ್ ವಿಹಾರ್	336	427	364
ವಾಯು ಗುಣಮಟ್ಟ, ಎಕ್ಯುಐ ಶ್ರೇಣಿ
0-50: ಉತ್ತಮ ವಾಯು ಗುಣಮಟ್ಟ
51-100: ಸಮಾಧಾನಕರ
101-200: ಮಧ್ಯಮ ಮಟ್ಟ
201-300: ಕಳಪೆ
301-400: ಬಹಳ ಕಳಪೆ
401-500: ಅತಿರೇಕ ಮಾಲಿನ್ಯ
ರಾಯಚೂರು: 'PhonePe' ಮೂಲಕ
ಲವ್ವಿಡವ್ವಿ; ಅಪ್ರಾಪ್ತ ಬಾಲಕಿಯನ್ನು ಗರ್ಭಿಣಿ
ಮಾಡಿದ ಭೂಪ, ಮಾತ್ರೆ ತಿನ್ನಿಸಿ ಗರ್ಭಪಾತ!
ರಾಯಚೂರು: 'ಫೋನ್‌ಪೇ' ಆ್ಯಪ್ ಮೂಲಕ ಆರಂಭವಾದ ಪರಿಚಯ ಪ್ರೇಮಕ್ಕೆ ತಿರುಗಿ, ಅಪ್ರಾಪ್ತ ಬಾಲಕಿಯನ್ನು ಗರ್ಭಿಣಿ ಮಾಡಿದ ಯುವಕ ಬಳಿಕ ಮಾತ್ರೆ ತಿನ್ನಿಸಿ ಗರ್ಭಪಾತ ಮಾಡಿಸಿದ ಘಟನೆ ಜಿಲ್ಲೆಯಲ್ಲಿ ನಡೆದಿದೆ. 30ರಂಥ ಅಪ್ರಾಪ್ತ ಬಾಲಕಿ ಮನೆಯ ಒಳಗಿದ್ದಾಗ ಹಣ ವರ್ಗಾವಣೆ ನೆಪದಲ್ಲಿ ಸಂಪರ್ಕ ಬೆಳೆಸಿದ ಆರೋಪಿ, ಬಳಿಕ ನಿರಂತರ ಸಂಪರ್ಕದಲ್ಲಿದ್ದು ಪ್ರೀತಿಯ ಜಾಲಕ್ಕೆ ಕೆಡವಿದ್ದಾನೆ. ಬಾಲಕಿ ಗರ್ಭಿಣಿಯಾದ ವಿಷಯ ತಿಳಿಯುತ್ತಿದ್ದಂತೆ ಆಕೆಗೆ ಮಾತ್ರೆ ತಿನ್ನಿಸಿ ಗರ್ಭಪಾತ ಮಾಡಿಸಿರುವುದು ವೈದ್ಯಕೀಯ ತಪಾಸಣೆ ವೇಳೆ ಬೆಳಕಿಗೆ ಬಂದಿದೆ. ಬಾಲಕಿಯ ಪೋಷಕರು ನೀಡಿದ ದೂರಿನ ಮೇರೆಗೆ ಪೊಲೀಸರು ಪೋಕ್ಸೋ ಕಾಯ್ದೆಯಡಿ ಪ್ರಕರಣ ದಾಖಲಿಸಿಕೊಂಡಿದ್ದಾರೆ. ಆರೋಪಿಯನ್ನು ವಶಕ್ಕೆ ಪಡೆದು ವಿಚಾರಣೆ ನಡೆಸಲಾಗುತ್ತಿದೆ. ಅಪ್ರಾಪ್ತರ ಜೊತೆ ಆನ್‌ಲೈನ್ ಆ್ಯಪ್‌ಗಳ ಮೂಲಕ ನಡೆಯುವ ಇಂತಹ ಕೃತ್ಯಗಳ ಬಗ್ಗೆ ಪೋಷಕರು ಎಚ್ಚರ ವಹಿಸಬೇಕು ಎಂದು ಪೊಲೀಸರು ಮನವಿ ಮಾಡಿದ್ದಾರೆ. ಪ್ರಕರಣದ ತನಿಖೆ ಮುಂದುವರಿದಿದೆ.
